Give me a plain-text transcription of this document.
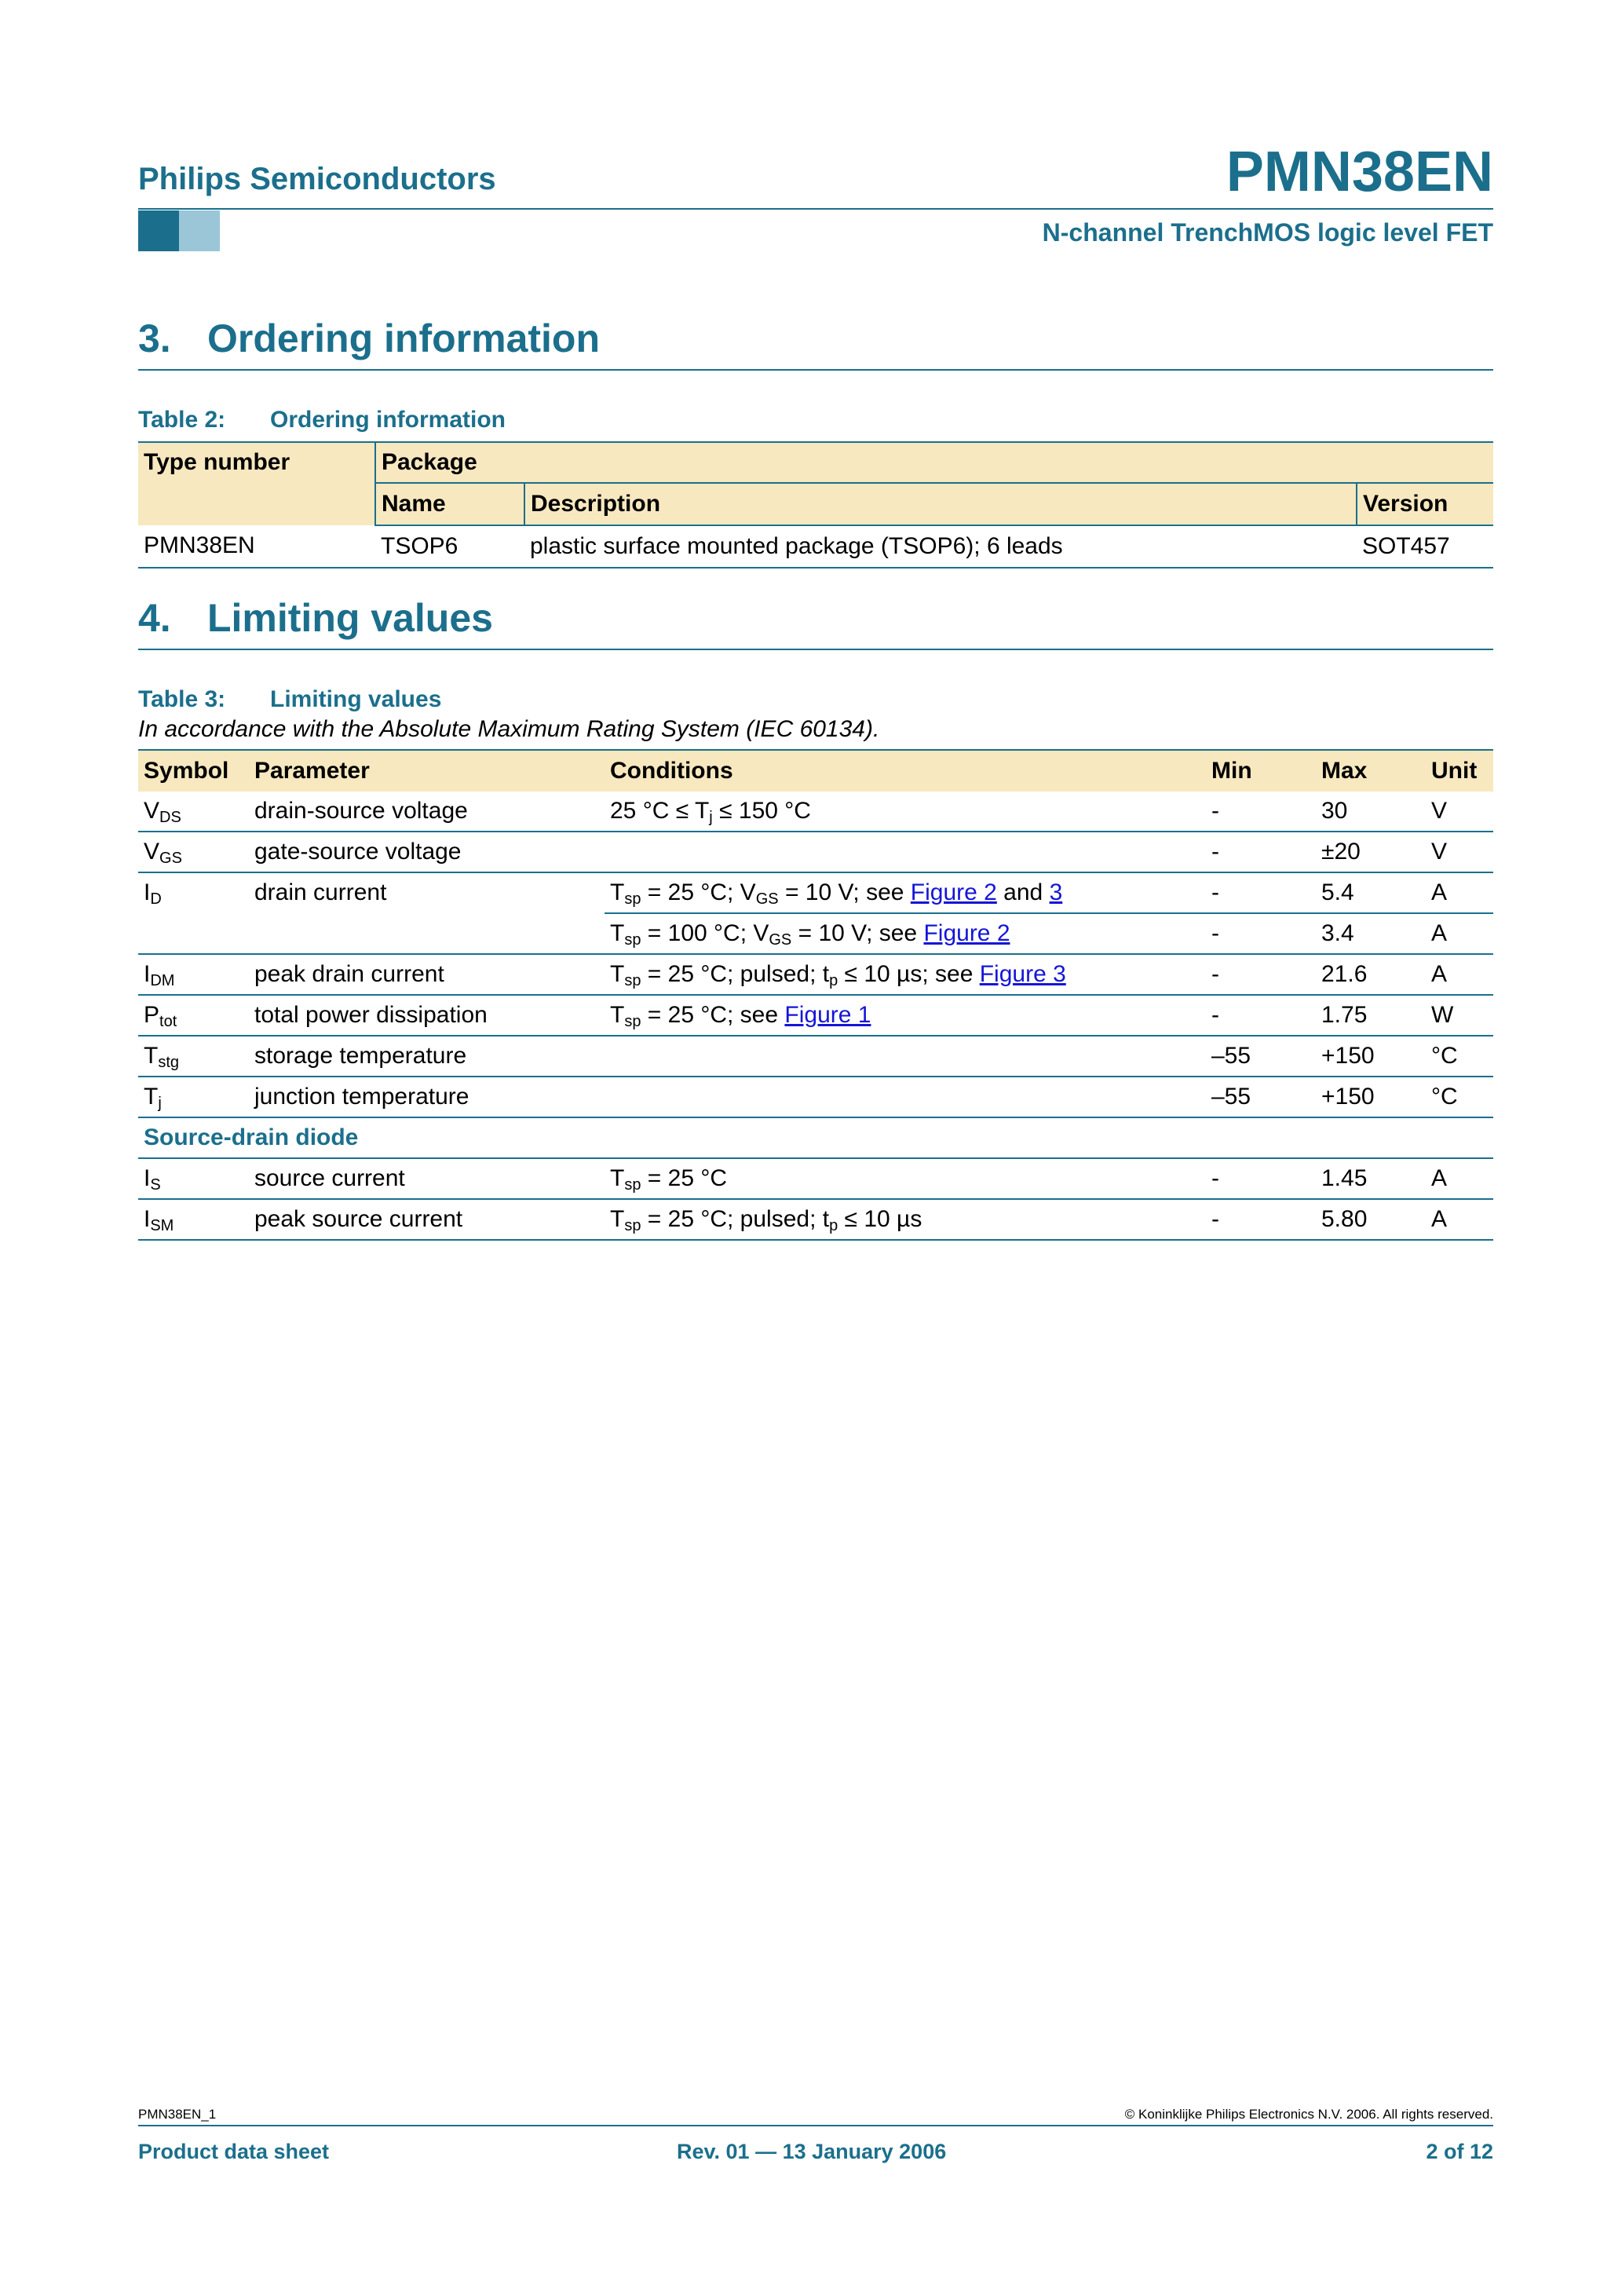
Philips Semiconductors	PMN38EN
N-channel TrenchMOS logic level FET
3. Ordering information
Table 2: Ordering information
Type number	Package		
	Name	Description	Version
PMN38EN	TSOP6	plastic surface mounted package (TSOP6); 6 leads	SOT457
4. Limiting values
Table 3: Limiting values
In accordance with the Absolute Maximum Rating System (IEC 60134).
Symbol	Parameter	Conditions	Min	Max	Unit
$V_{DS}$	drain-source voltage	25 $^\circ C \le T_j \le 150$ °C	-	30	V
$V_{GS}$	gate-source voltage		-	±20	V
$I_D$	drain current	$T_{sp} = 25$ °C; $V_{GS} = 10$ V; see Figure 2 and 3	-	5.4	A
		$T_{sp} = 100$ °C; $V_{GS} = 10$ V; see Figure 2	-	3.4	A
$I_{DM}$	peak drain current	$T_{sp} = 25$ °C; pulsed; $t_p \le 10$ µs; see Figure 3	-	21.6	A
$P_{tot}$	total power dissipation	$T_{sp} = 25$ °C; see Figure 1	-	1.75	W
$T_{stg}$	storage temperature		–55	+150	°C
$T_j$	junction temperature		–55	+150	°C
Source-drain diode					
$I_S$	source current	$T_{sp} = 25$ °C	-	1.45	A
$I_{SM}$	peak source current	$T_{sp} = 25$ °C; pulsed; $t_p \le 10$ µs	-	5.80	A
PMN38EN_1	© Koninklijke Philips Electronics N.V. 2006. All rights reserved.
Product data sheet	Rev. 01 — 13 January 2006	2 of 12
